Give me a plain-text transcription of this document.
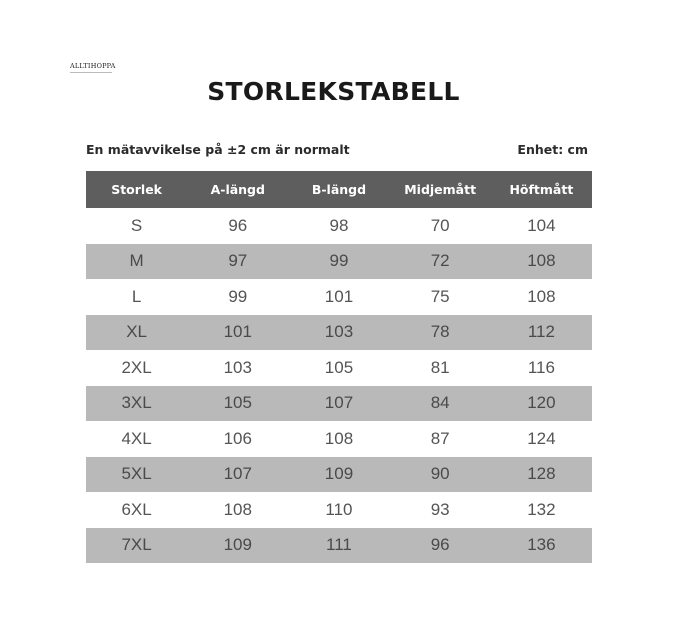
ALLTIHOPPA
STORLEKSTABELL
En mätavvikelse på ±2 cm är normalt	Enhet: cm
Storlek	A-längd	B-längd	Midjemått	Höftmått
S	96	98	70	104
M	97	99	72	108
L	99	101	75	108
XL	101	103	78	112
2XL	103	105	81	116
3XL	105	107	84	120
4XL	106	108	87	124
5XL	107	109	90	128
6XL	108	110	93	132
7XL	109	111	96	136
